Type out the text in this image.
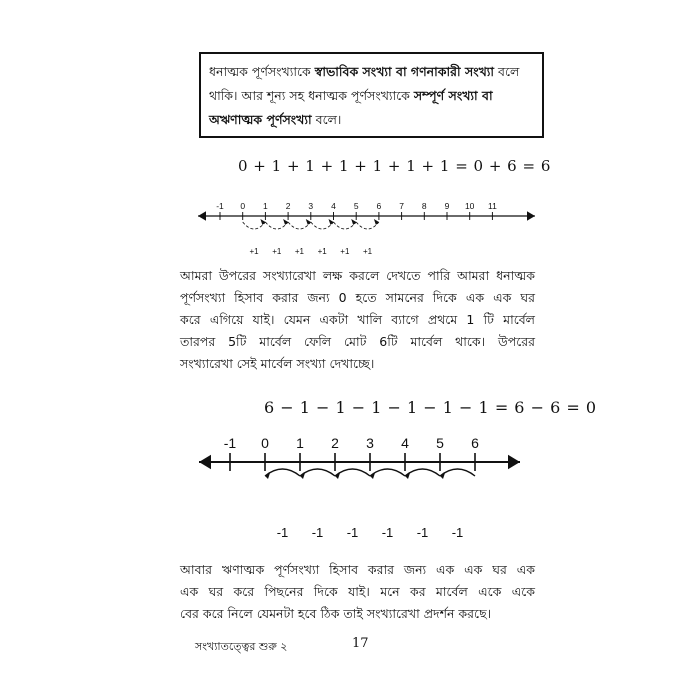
ধনাত্মক পূর্ণসংখ্যাকে স্বাভাবিক সংখ্যা বা গণনাকারী সংখ্যা বলে থাকি। আর শূন্য সহ ধনাত্মক পূর্ণসংখ্যাকে সম্পূর্ণ সংখ্যা বা অঋণাত্মক পূর্ণসংখ্যা বলে।
0 + 1 + 1 + 1 + 1 + 1 + 1 = 0 + 6 = 6
-1 0 1 2 3 4 5 6 7 8 9 10 11
+1 +1 +1 +1 +1 +1
আমরা উপরের সংখ্যারেখা লক্ষ করলে দেখতে পারি আমরা ধনাত্মক
পূর্ণসংখ্যা হিসাব করার জন্য 0 হতে সামনের দিকে এক এক ঘর
করে এগিয়ে যাই। যেমন একটা খালি ব্যাগে প্রথমে 1 টি মার্বেল
তারপর 5টি মার্বেল ফেলি মোট 6টি মার্বেল থাকে। উপরের
সংখ্যারেখা সেই মার্বেল সংখ্যা দেখাচ্ছে।
6 − 1 − 1 − 1 − 1 − 1 − 1 = 6 − 6 = 0
-1 0 1 2 3 4 5 6
-1 -1 -1 -1 -1 -1
আবার ঋণাত্মক পূর্ণসংখ্যা হিসাব করার জন্য এক এক ঘর এক
এক ঘর করে পিছনের দিকে যাই। মনে কর মার্বেল একে একে
বের করে নিলে যেমনটা হবে ঠিক তাই সংখ্যারেখা প্রদর্শন করছে।
সংখ্যাতত্ত্বের শুরু ২	17
